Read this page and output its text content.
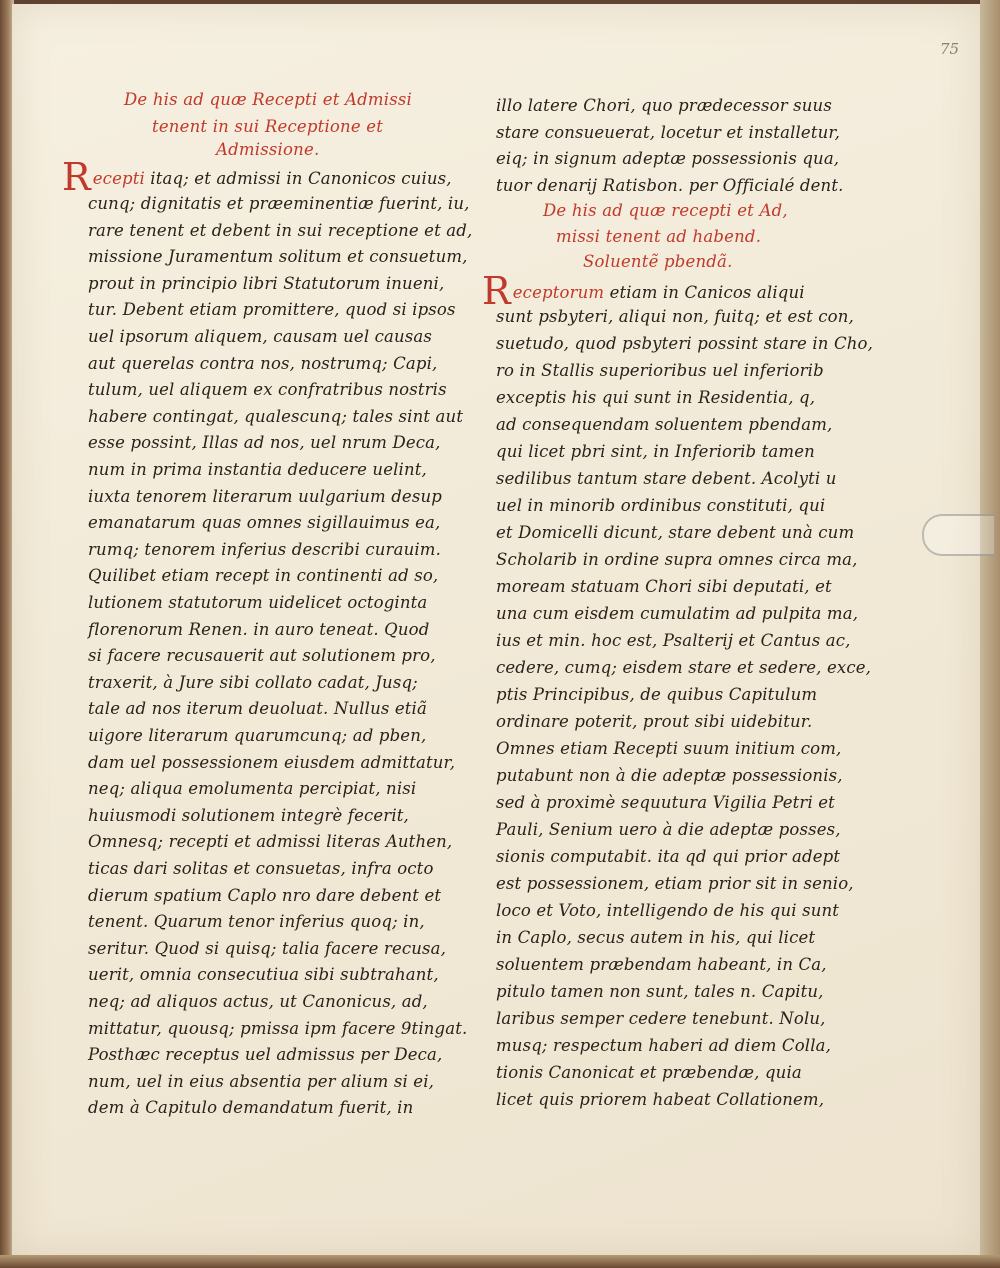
75
De his ad quæ Recepti et Admissi
tenent in sui Receptione et
Admissione.
Recepti itaq; et admissi in Canonicos cuius,
cunq; dignitatis et præeminentiæ fuerint, iu,
rare tenent et debent in sui receptione et ad,
missione Juramentum solitum et consuetum,
prout in principio libri Statutorum inueni,
tur. Debent etiam promittere, quod si ipsos
uel ipsorum aliquem, causam uel causas
aut querelas contra nos, nostrumq; Capi,
tulum, uel aliquem ex confratribus nostris
habere contingat, qualescunq; tales sint aut
esse possint, Illas ad nos, uel nrum Deca,
num in prima instantia deducere uelint,
iuxta tenorem literarum uulgarium desup
emanatarum quas omnes sigillauimus ea,
rumq; tenorem inferius describi curauim.
Quilibet etiam recept in continenti ad so,
lutionem statutorum uidelicet octoginta
florenorum Renen. in auro teneat. Quod
si facere recusauerit aut solutionem pro,
traxerit, à Jure sibi collato cadat, Jusq;
tale ad nos iterum deuoluat. Nullus etiã
uigore literarum quarumcunq; ad pben,
dam uel possessionem eiusdem admittatur,
neq; aliqua emolumenta percipiat, nisi
huiusmodi solutionem integrè fecerit,
Omnesq; recepti et admissi literas Authen,
ticas dari solitas et consuetas, infra octo
dierum spatium Caplo nro dare debent et
tenent. Quarum tenor inferius quoq; in,
seritur. Quod si quisq; talia facere recusa,
uerit, omnia consecutiua sibi subtrahant,
neq; ad aliquos actus, ut Canonicus, ad,
mittatur, quousq; pmissa ipm facere 9tingat.
Posthæc receptus uel admissus per Deca,
num, uel in eius absentia per alium si ei,
dem à Capitulo demandatum fuerit, in
illo latere Chori, quo prædecessor suus
stare consueuerat, locetur et installetur,
eiq; in signum adeptæ possessionis qua,
tuor denarij Ratisbon. per Officialé dent.
De his ad quæ recepti et Ad,
missi tenent ad habend.
Soluentẽ pbendã.
Receptorum etiam in Canicos aliqui
sunt psbyteri, aliqui non, fuitq; et est con,
suetudo, quod psbyteri possint stare in Cho,
ro in Stallis superioribus uel inferiorib
exceptis his qui sunt in Residentia, q,
ad consequendam soluentem pbendam,
qui licet pbri sint, in Inferiorib tamen
sedilibus tantum stare debent. Acolyti u
uel in minorib ordinibus constituti, qui
et Domicelli dicunt, stare debent unà cum
Scholarib in ordine supra omnes circa ma,
moream statuam Chori sibi deputati, et
una cum eisdem cumulatim ad pulpita ma,
ius et min. hoc est, Psalterij et Cantus ac,
cedere, cumq; eisdem stare et sedere, exce,
ptis Principibus, de quibus Capitulum
ordinare poterit, prout sibi uidebitur.
Omnes etiam Recepti suum initium com,
putabunt non à die adeptæ possessionis,
sed à proximè sequutura Vigilia Petri et
Pauli, Senium uero à die adeptæ posses,
sionis computabit. ita qd qui prior adept
est possessionem, etiam prior sit in senio,
loco et Voto, intelligendo de his qui sunt
in Caplo, secus autem in his, qui licet
soluentem præbendam habeant, in Ca,
pitulo tamen non sunt, tales n. Capitu,
laribus semper cedere tenebunt. Nolu,
musq; respectum haberi ad diem Colla,
tionis Canonicat et præbendæ, quia
licet quis priorem habeat Collationem,
